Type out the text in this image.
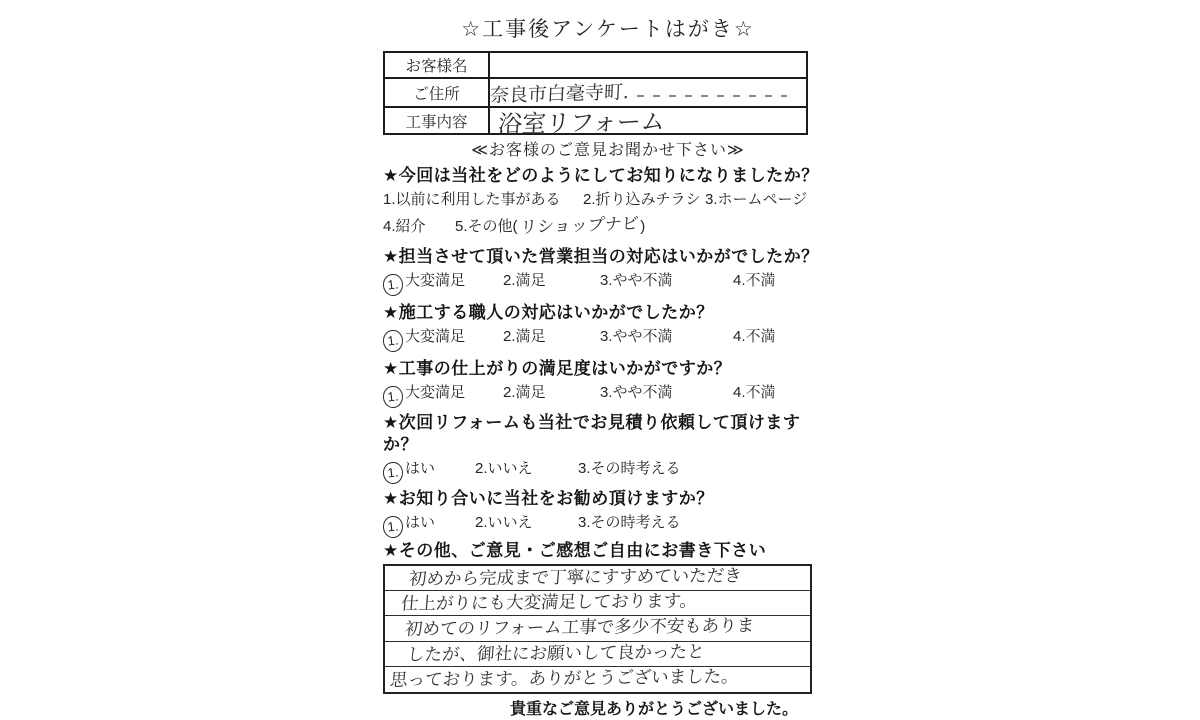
☆工事後アンケートはがき☆
お客様名	
ご住所	奈良市白毫寺町.
工事内容	浴室リフォーム
≪お客様のご意見お聞かせ下さい≫
★今回は当社をどのようにしてお知りになりましたか？
1.以前に利用した事がある	2.折り込みチラシ 3.ホームページ
4.紹介	5.その他( リショップナビ )
★担当させて頂いた営業担当の対応はいかがでしたか？
1. 大変満足	2.満足	3.やや不満	4.不満
★施工する職人の対応はいかがでしたか？
1. 大変満足	2.満足	3.やや不満	4.不満
★工事の仕上がりの満足度はいかがですか？
1. 大変満足	2.満足	3.やや不満	4.不満
★次回リフォームも当社でお見積り依頼して頂けますか？
1. はい	2.いいえ	3.その時考える
★お知り合いに当社をお勧め頂けますか？
1. はい	2.いいえ	3.その時考える
★その他、ご意見・ご感想ご自由にお書き下さい
初めから完成まで丁寧にすすめていただき
仕上がりにも大変満足しております。
初めてのリフォーム工事で多少不安もありま
したが、御社にお願いして良かったと
思っております。ありがとうございました。
貴重なご意見ありがとうございました。
